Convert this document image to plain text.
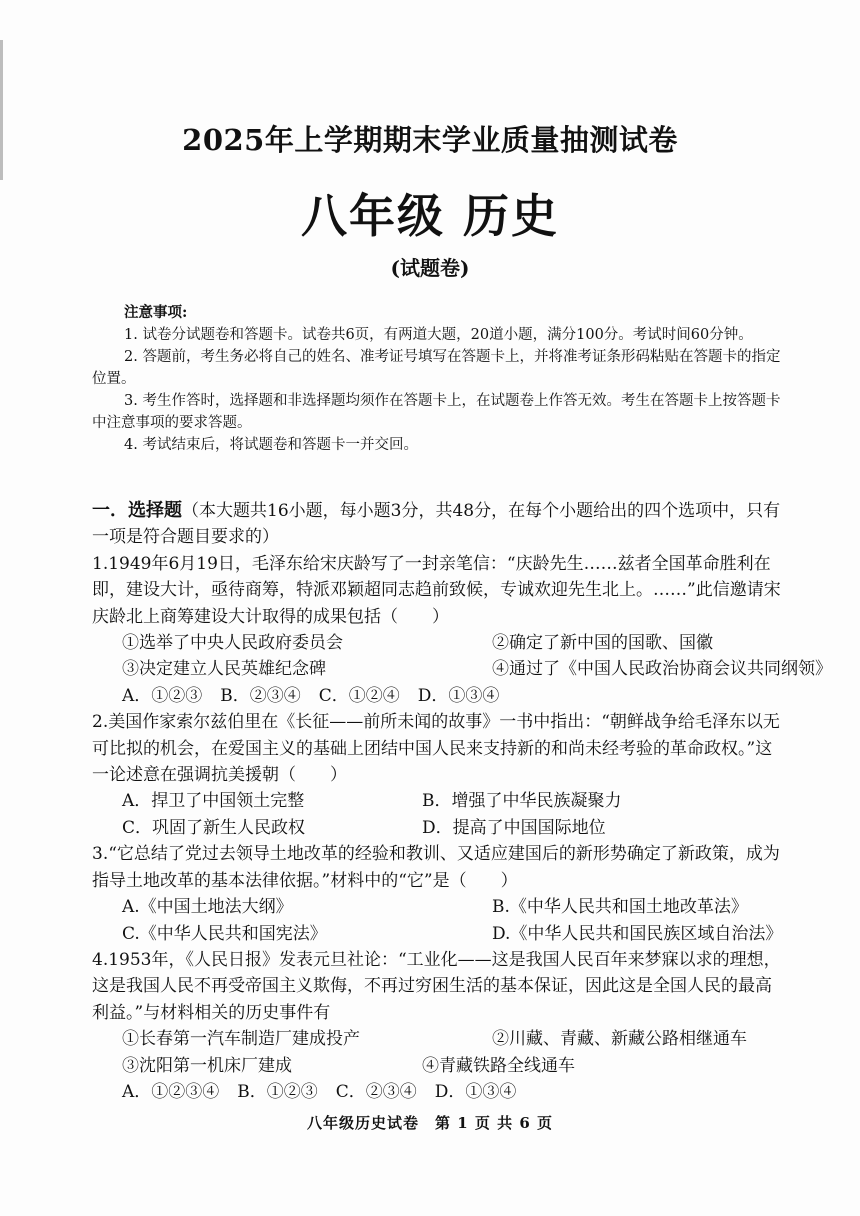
2025年上学期期末学业质量抽测试卷
八年级 历史
(试题卷)
注意事项:
1. 试卷分试题卷和答题卡。试卷共6页，有两道大题，20道小题，满分100分。考试时间60分钟。
2. 答题前，考生务必将自己的姓名、准考证号填写在答题卡上，并将准考证条形码粘贴在答题卡的指定位置。
3. 考生作答时，选择题和非选择题均须作在答题卡上，在试题卷上作答无效。考生在答题卡上按答题卡中注意事项的要求答题。
4. 考试结束后，将试题卷和答题卡一并交回。
一．选择题（本大题共16小题，每小题3分，共48分，在每个小题给出的四个选项中，只有一项是符合题目要求的）
1.1949年6月19日，毛泽东给宋庆龄写了一封亲笔信：“庆龄先生……兹者全国革命胜利在即，建设大计，亟待商筹，特派邓颖超同志趋前致候，专诚欢迎先生北上。……”此信邀请宋庆龄北上商筹建设大计取得的成果包括（　　）
①选举了中央人民政府委员会	②确定了新中国的国歌、国徽
③决定建立人民英雄纪念碑	④通过了《中国人民政治协商会议共同纲领》
A．①②③ B．②③④ C．①②④ D．①③④
2.美国作家索尔兹伯里在《长征——前所未闻的故事》一书中指出：“朝鲜战争给毛泽东以无可比拟的机会，在爱国主义的基础上团结中国人民来支持新的和尚未经考验的革命政权。”这一论述意在强调抗美援朝（　　）
A．捍卫了中国领土完整	B．增强了中华民族凝聚力
C．巩固了新生人民政权	D．提高了中国国际地位
3.“它总结了党过去领导土地改革的经验和教训、又适应建国后的新形势确定了新政策，成为指导土地改革的基本法律依据。”材料中的“它”是（　　）
A.《中国土地法大纲》	B.《中华人民共和国土地改革法》
C.《中华人民共和国宪法》	D.《中华人民共和国民族区域自治法》
4.1953年，《人民日报》发表元旦社论：“工业化——这是我国人民百年来梦寐以求的理想，这是我国人民不再受帝国主义欺侮，不再过穷困生活的基本保证，因此这是全国人民的最高利益。”与材料相关的历史事件有
①长春第一汽车制造厂建成投产	②川藏、青藏、新藏公路相继通车
③沈阳第一机床厂建成	④青藏铁路全线通车
A．①②③④ B．①②③ C．②③④ D．①③④
八年级历史试卷　第 1 页 共 6 页
